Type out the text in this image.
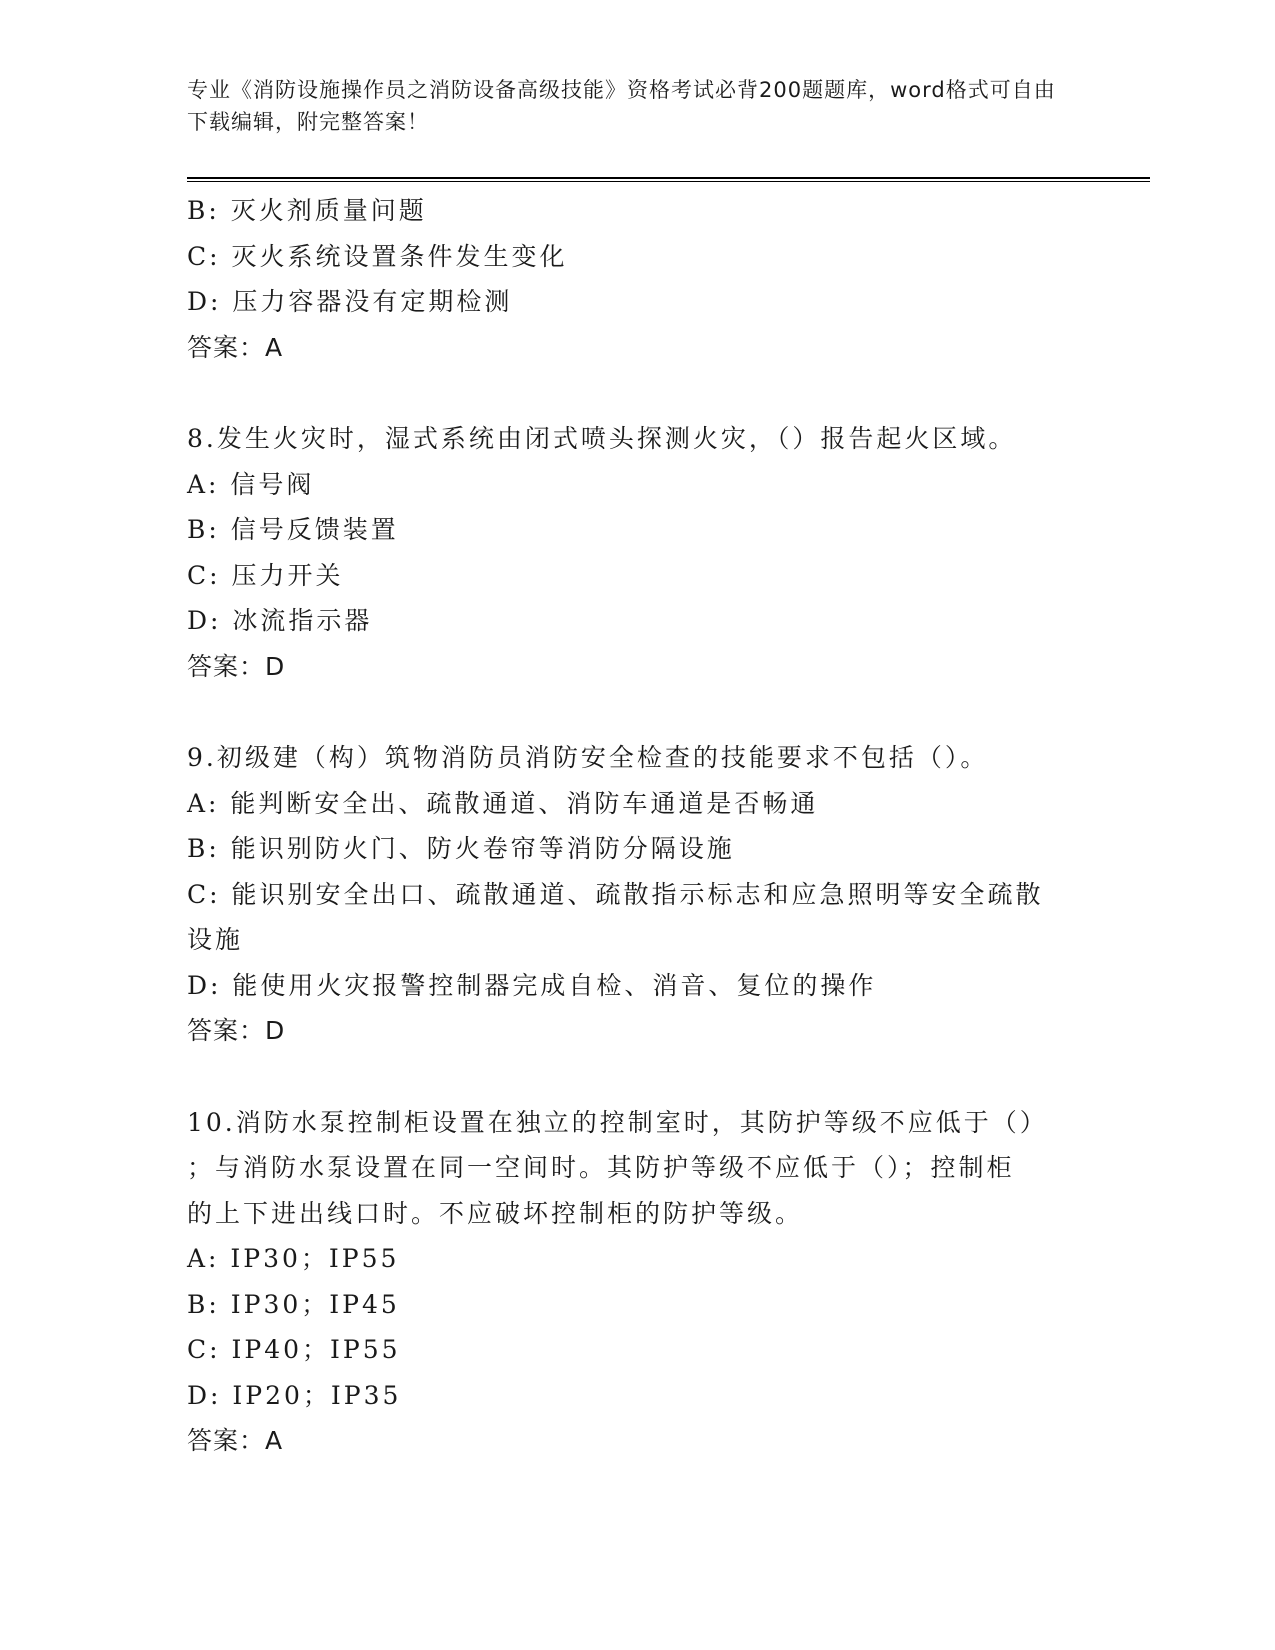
专业《消防设施操作员之消防设备高级技能》资格考试必背200题题库，word格式可自由下载编辑，附完整答案！
B: 灭火剂质量问题
C: 灭火系统设置条件发生变化
D: 压力容器没有定期检测
答案：A
8.发生火灾时，湿式系统由闭式喷头探测火灾，（）报告起火区域。
A: 信号阀
B: 信号反馈装置
C: 压力开关
D: 冰流指示器
答案：D
9.初级建（构）筑物消防员消防安全检查的技能要求不包括（）。
A: 能判断安全出、疏散通道、消防车通道是否畅通
B: 能识别防火门、防火卷帘等消防分隔设施
C: 能识别安全出口、疏散通道、疏散指示标志和应急照明等安全疏散
设施
D: 能使用火灾报警控制器完成自检、消音、复位的操作
答案：D
10.消防水泵控制柜设置在独立的控制室时，其防护等级不应低于（）
；与消防水泵设置在同一空间时。其防护等级不应低于（）；控制柜
的上下进出线口时。不应破坏控制柜的防护等级。
A: IP30；IP55
B: IP30；IP45
C: IP40；IP55
D: IP20；IP35
答案：A
